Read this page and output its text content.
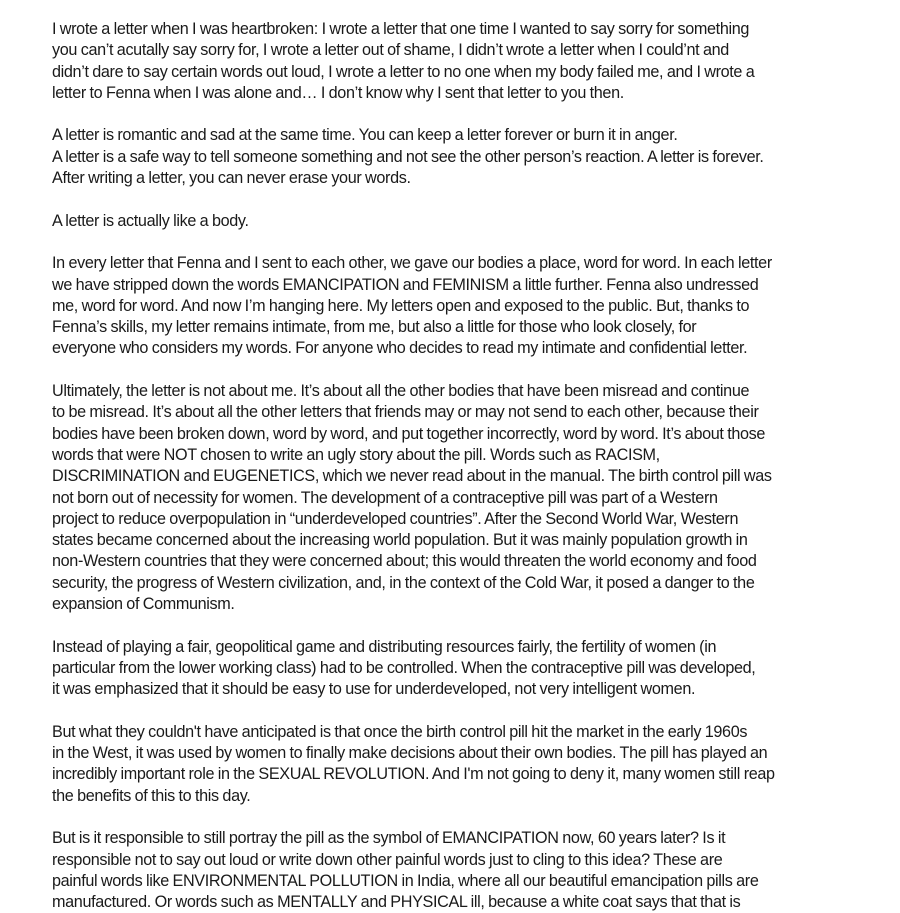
I wrote a letter when I was heartbroken: I wrote a letter that one time I wanted to say sorry for something
you can’t acutally say sorry for, I wrote a letter out of shame, I didn’t wrote a letter when I could’nt and
didn’t dare to say certain words out loud, I wrote a letter to no one when my body failed me, and I wrote a
letter to Fenna when I was alone and… I don’t know why I sent that letter to you then.
A letter is romantic and sad at the same time. You can keep a letter forever or burn it in anger.
A letter is a safe way to tell someone something and not see the other person’s reaction. A letter is forever.
After writing a letter, you can never erase your words.
A letter is actually like a body.
In every letter that Fenna and I sent to each other, we gave our bodies a place, word for word. In each letter
we have stripped down the words EMANCIPATION and FEMINISM a little further. Fenna also undressed
me, word for word. And now I’m hanging here. My letters open and exposed to the public. But, thanks to
Fenna’s skills, my letter remains intimate, from me, but also a little for those who look closely, for
everyone who considers my words. For anyone who decides to read my intimate and confidential letter.
Ultimately, the letter is not about me. It’s about all the other bodies that have been misread and continue
to be misread. It’s about all the other letters that friends may or may not send to each other, because their
bodies have been broken down, word by word, and put together incorrectly, word by word. It’s about those
words that were NOT chosen to write an ugly story about the pill. Words such as RACISM,
DISCRIMINATION and EUGENETICS, which we never read about in the manual. The birth control pill was
not born out of necessity for women. The development of a contraceptive pill was part of a Western
project to reduce overpopulation in “underdeveloped countries”. After the Second World War, Western
states became concerned about the increasing world population. But it was mainly population growth in
non-Western countries that they were concerned about; this would threaten the world economy and food
security, the progress of Western civilization, and, in the context of the Cold War, it posed a danger to the
expansion of Communism.
Instead of playing a fair, geopolitical game and distributing resources fairly, the fertility of women (in
particular from the lower working class) had to be controlled. When the contraceptive pill was developed,
it was emphasized that it should be easy to use for underdeveloped, not very intelligent women.
But what they couldn't have anticipated is that once the birth control pill hit the market in the early 1960s
in the West, it was used by women to finally make decisions about their own bodies. The pill has played an
incredibly important role in the SEXUAL REVOLUTION. And I'm not going to deny it, many women still reap
the benefits of this to this day.
But is it responsible to still portray the pill as the symbol of EMANCIPATION now, 60 years later? Is it
responsible not to say out loud or write down other painful words just to cling to this idea? These are
painful words like ENVIRONMENTAL POLLUTION in India, where all our beautiful emancipation pills are
manufactured. Or words such as MENTALLY and PHYSICAL ill, because a white coat says that that is
